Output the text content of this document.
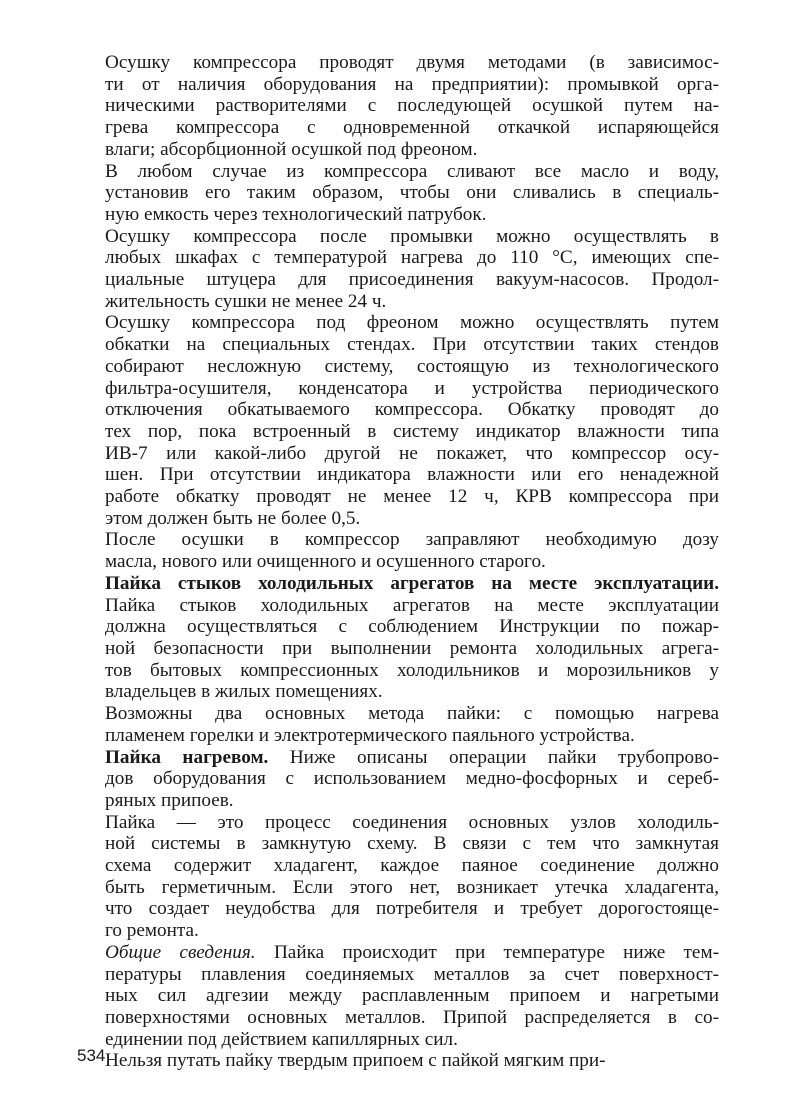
Осушку компрессора проводят двумя методами (в зависимос-
ти от наличия оборудования на предприятии): промывкой орга-
ническими растворителями с последующей осушкой путем на-
грева компрессора с одновременной откачкой испаряющейся
влаги; абсорбционной осушкой под фреоном.
В любом случае из компрессора сливают все масло и воду,
установив его таким образом, чтобы они сливались в специаль-
ную емкость через технологический патрубок.
Осушку компрессора после промывки можно осуществлять в
любых шкафах с температурой нагрева до 110 °С, имеющих спе-
циальные штуцера для присоединения вакуум-насосов. Продол-
жительность сушки не менее 24 ч.
Осушку компрессора под фреоном можно осуществлять путем
обкатки на специальных стендах. При отсутствии таких стендов
собирают несложную систему, состоящую из технологического
фильтра-осушителя, конденсатора и устройства периодического
отключения обкатываемого компрессора. Обкатку проводят до
тех пор, пока встроенный в систему индикатор влажности типа
ИВ-7 или какой-либо другой не покажет, что компрессор осу-
шен. При отсутствии индикатора влажности или его ненадежной
работе обкатку проводят не менее 12 ч, КРВ компрессора при
этом должен быть не более 0,5.
После осушки в компрессор заправляют необходимую дозу
масла, нового или очищенного и осушенного старого.
Пайка стыков холодильных агрегатов на месте эксплуатации.
Пайка стыков холодильных агрегатов на месте эксплуатации
должна осуществляться с соблюдением Инструкции по пожар-
ной безопасности при выполнении ремонта холодильных агрега-
тов бытовых компрессионных холодильников и морозильников у
владельцев в жилых помещениях.
Возможны два основных метода пайки: с помощью нагрева
пламенем горелки и электротермического паяльного устройства.
Пайка нагревом. Ниже описаны операции пайки трубопрово-
дов оборудования с использованием медно-фосфорных и сереб-
ряных припоев.
Пайка — это процесс соединения основных узлов холодиль-
ной системы в замкнутую схему. В связи с тем что замкнутая
схема содержит хладагент, каждое паяное соединение должно
быть герметичным. Если этого нет, возникает утечка хладагента,
что создает неудобства для потребителя и требует дорогостояще-
го ремонта.
Общие сведения. Пайка происходит при температуре ниже тем-
пературы плавления соединяемых металлов за счет поверхност-
ных сил адгезии между расплавленным припоем и нагретыми
поверхностями основных металлов. Припой распределяется в со-
единении под действием капиллярных сил.
Нельзя путать пайку твердым припоем с пайкой мягким при-
534
